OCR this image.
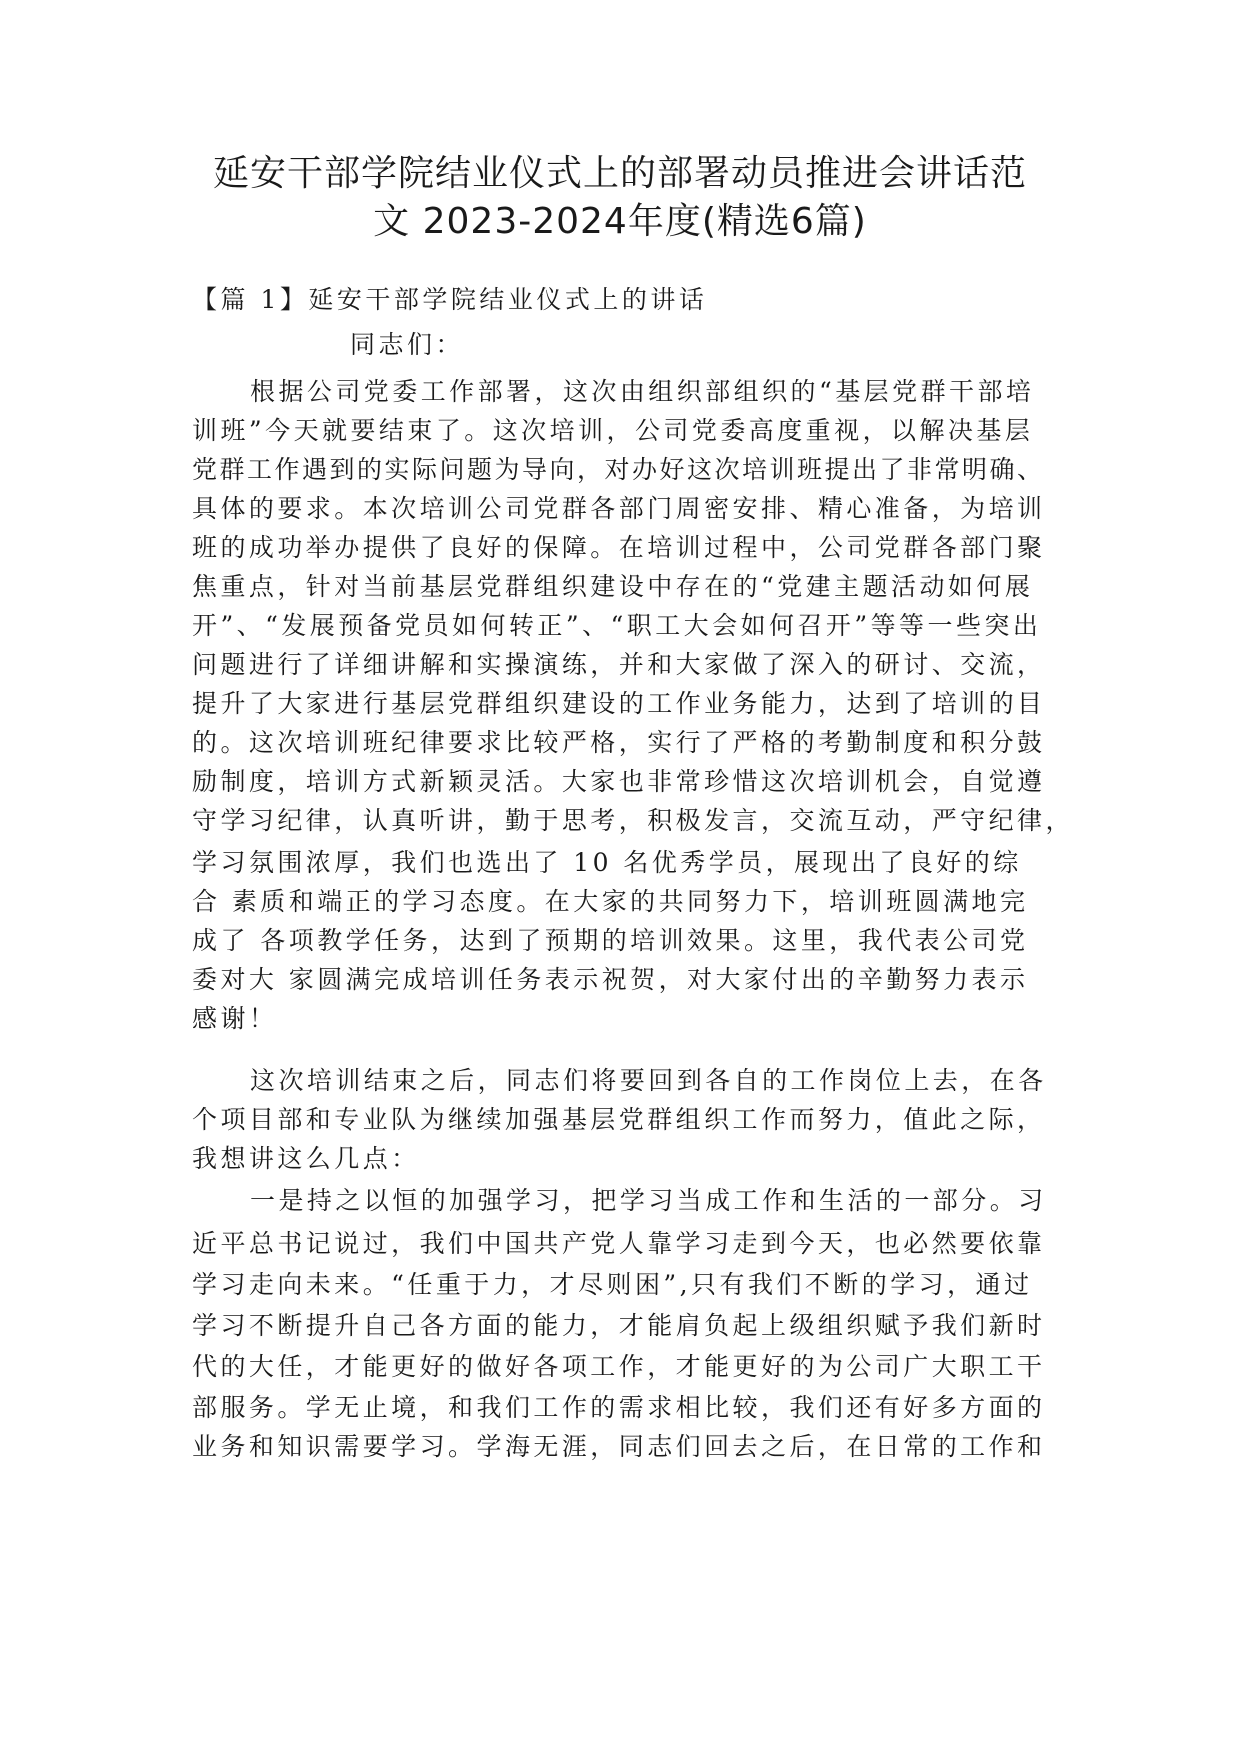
延安干部学院结业仪式上的部署动员推进会讲话范
文 2023-2024年度(精选6篇)
【篇 1】延安干部学院结业仪式上的讲话
同志们：
根据公司党委工作部署，这次由组织部组织的“基层党群干部培
训班”今天就要结束了。这次培训，公司党委高度重视，以解决基层
党群工作遇到的实际问题为导向，对办好这次培训班提出了非常明确、
具体的要求。本次培训公司党群各部门周密安排、精心准备，为培训
班的成功举办提供了良好的保障。在培训过程中，公司党群各部门聚
焦重点，针对当前基层党群组织建设中存在的“党建主题活动如何展
开”、“发展预备党员如何转正”、“职工大会如何召开”等等一些突出
问题进行了详细讲解和实操演练，并和大家做了深入的研讨、交流，
提升了大家进行基层党群组织建设的工作业务能力，达到了培训的目
的。这次培训班纪律要求比较严格，实行了严格的考勤制度和积分鼓
励制度，培训方式新颖灵活。大家也非常珍惜这次培训机会，自觉遵
守学习纪律，认真听讲，勤于思考，积极发言，交流互动，严守纪律，
学习氛围浓厚，我们也选出了 10 名优秀学员，展现出了良好的综
合 素质和端正的学习态度。在大家的共同努力下，培训班圆满地完
成了 各项教学任务，达到了预期的培训效果。这里，我代表公司党
委对大 家圆满完成培训任务表示祝贺，对大家付出的辛勤努力表示
感谢！
这次培训结束之后，同志们将要回到各自的工作岗位上去，在各
个项目部和专业队为继续加强基层党群组织工作而努力，值此之际，
我想讲这么几点：
一是持之以恒的加强学习，把学习当成工作和生活的一部分。习
近平总书记说过，我们中国共产党人靠学习走到今天，也必然要依靠
学习走向未来。“任重于力，才尽则困”,只有我们不断的学习，通过
学习不断提升自己各方面的能力，才能肩负起上级组织赋予我们新时
代的大任，才能更好的做好各项工作，才能更好的为公司广大职工干
部服务。学无止境，和我们工作的需求相比较，我们还有好多方面的
业务和知识需要学习。学海无涯，同志们回去之后，在日常的工作和
